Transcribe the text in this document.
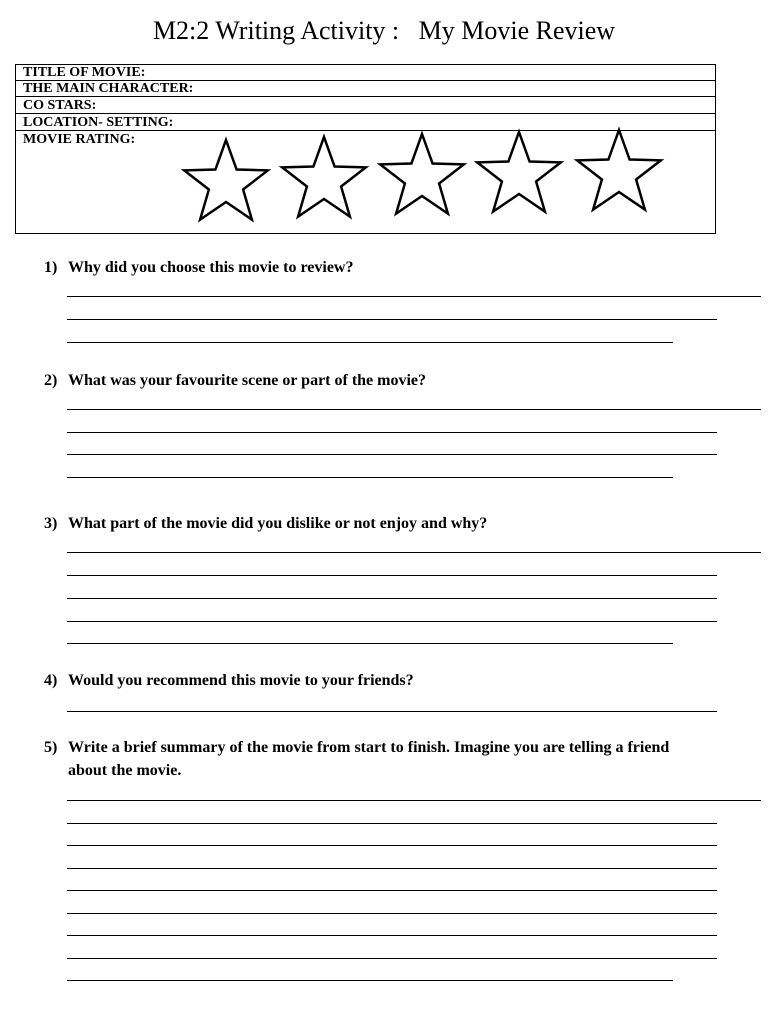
M2:2 Writing Activity :   My Movie Review
TITLE OF MOVIE:
THE MAIN CHARACTER:
CO STARS:
LOCATION- SETTING:
MOVIE RATING:
1) Why did you choose this movie to review?
2) What was your favourite scene or part of the movie?
3) What part of the movie did you dislike or not enjoy and why?
4) Would you recommend this movie to your friends?
5) Write a brief summary of the movie from start to finish. Imagine you are telling a friend about the movie.
